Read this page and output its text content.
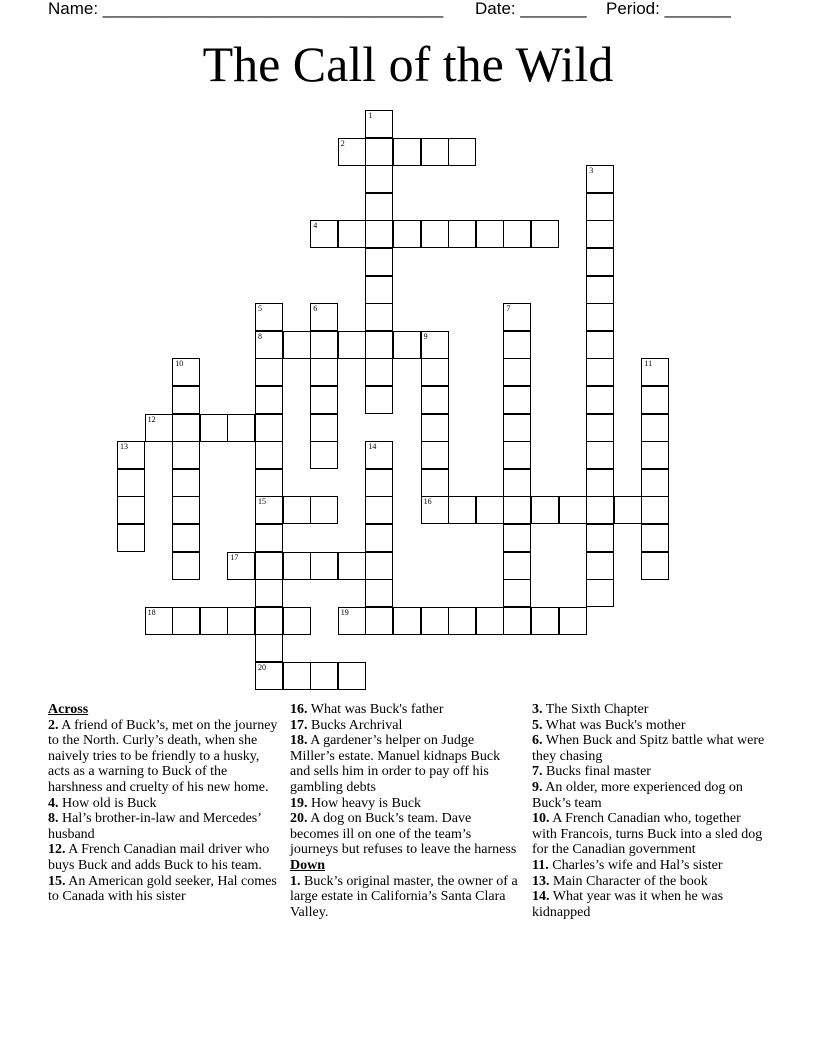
Name: ____________________________________ Date: _______ Period: _______
The Call of the Wild
1
2
3
4
5
8
15
20
6	7
9
16
10	11
12
13	14
17
18	19
Across
2. A friend of Buck’s, met on the journey to the North. Curly’s death, when she naively tries to be friendly to a husky, acts as a warning to Buck of the harshness and cruelty of his new home.
4. How old is Buck
8. Hal’s brother-in-law and Mercedes’ husband
12. A French Canadian mail driver who buys Buck and adds Buck to his team.
15. An American gold seeker, Hal comes to Canada with his sister
16. What was Buck's father
17. Bucks Archrival
18. A gardener’s helper on Judge Miller’s estate. Manuel kidnaps Buck and sells him in order to pay off his gambling debts
19. How heavy is Buck
20. A dog on Buck’s team. Dave becomes ill on one of the team’s journeys but refuses to leave the harness
Down
1. Buck’s original master, the owner of a large estate in California’s Santa Clara Valley.
3. The Sixth Chapter
5. What was Buck's mother
6. When Buck and Spitz battle what were they chasing
7. Bucks final master
9. An older, more experienced dog on Buck’s team
10. A French Canadian who, together with Francois, turns Buck into a sled dog for the Canadian government
11. Charles’s wife and Hal’s sister
13. Main Character of the book
14. What year was it when he was kidnapped
